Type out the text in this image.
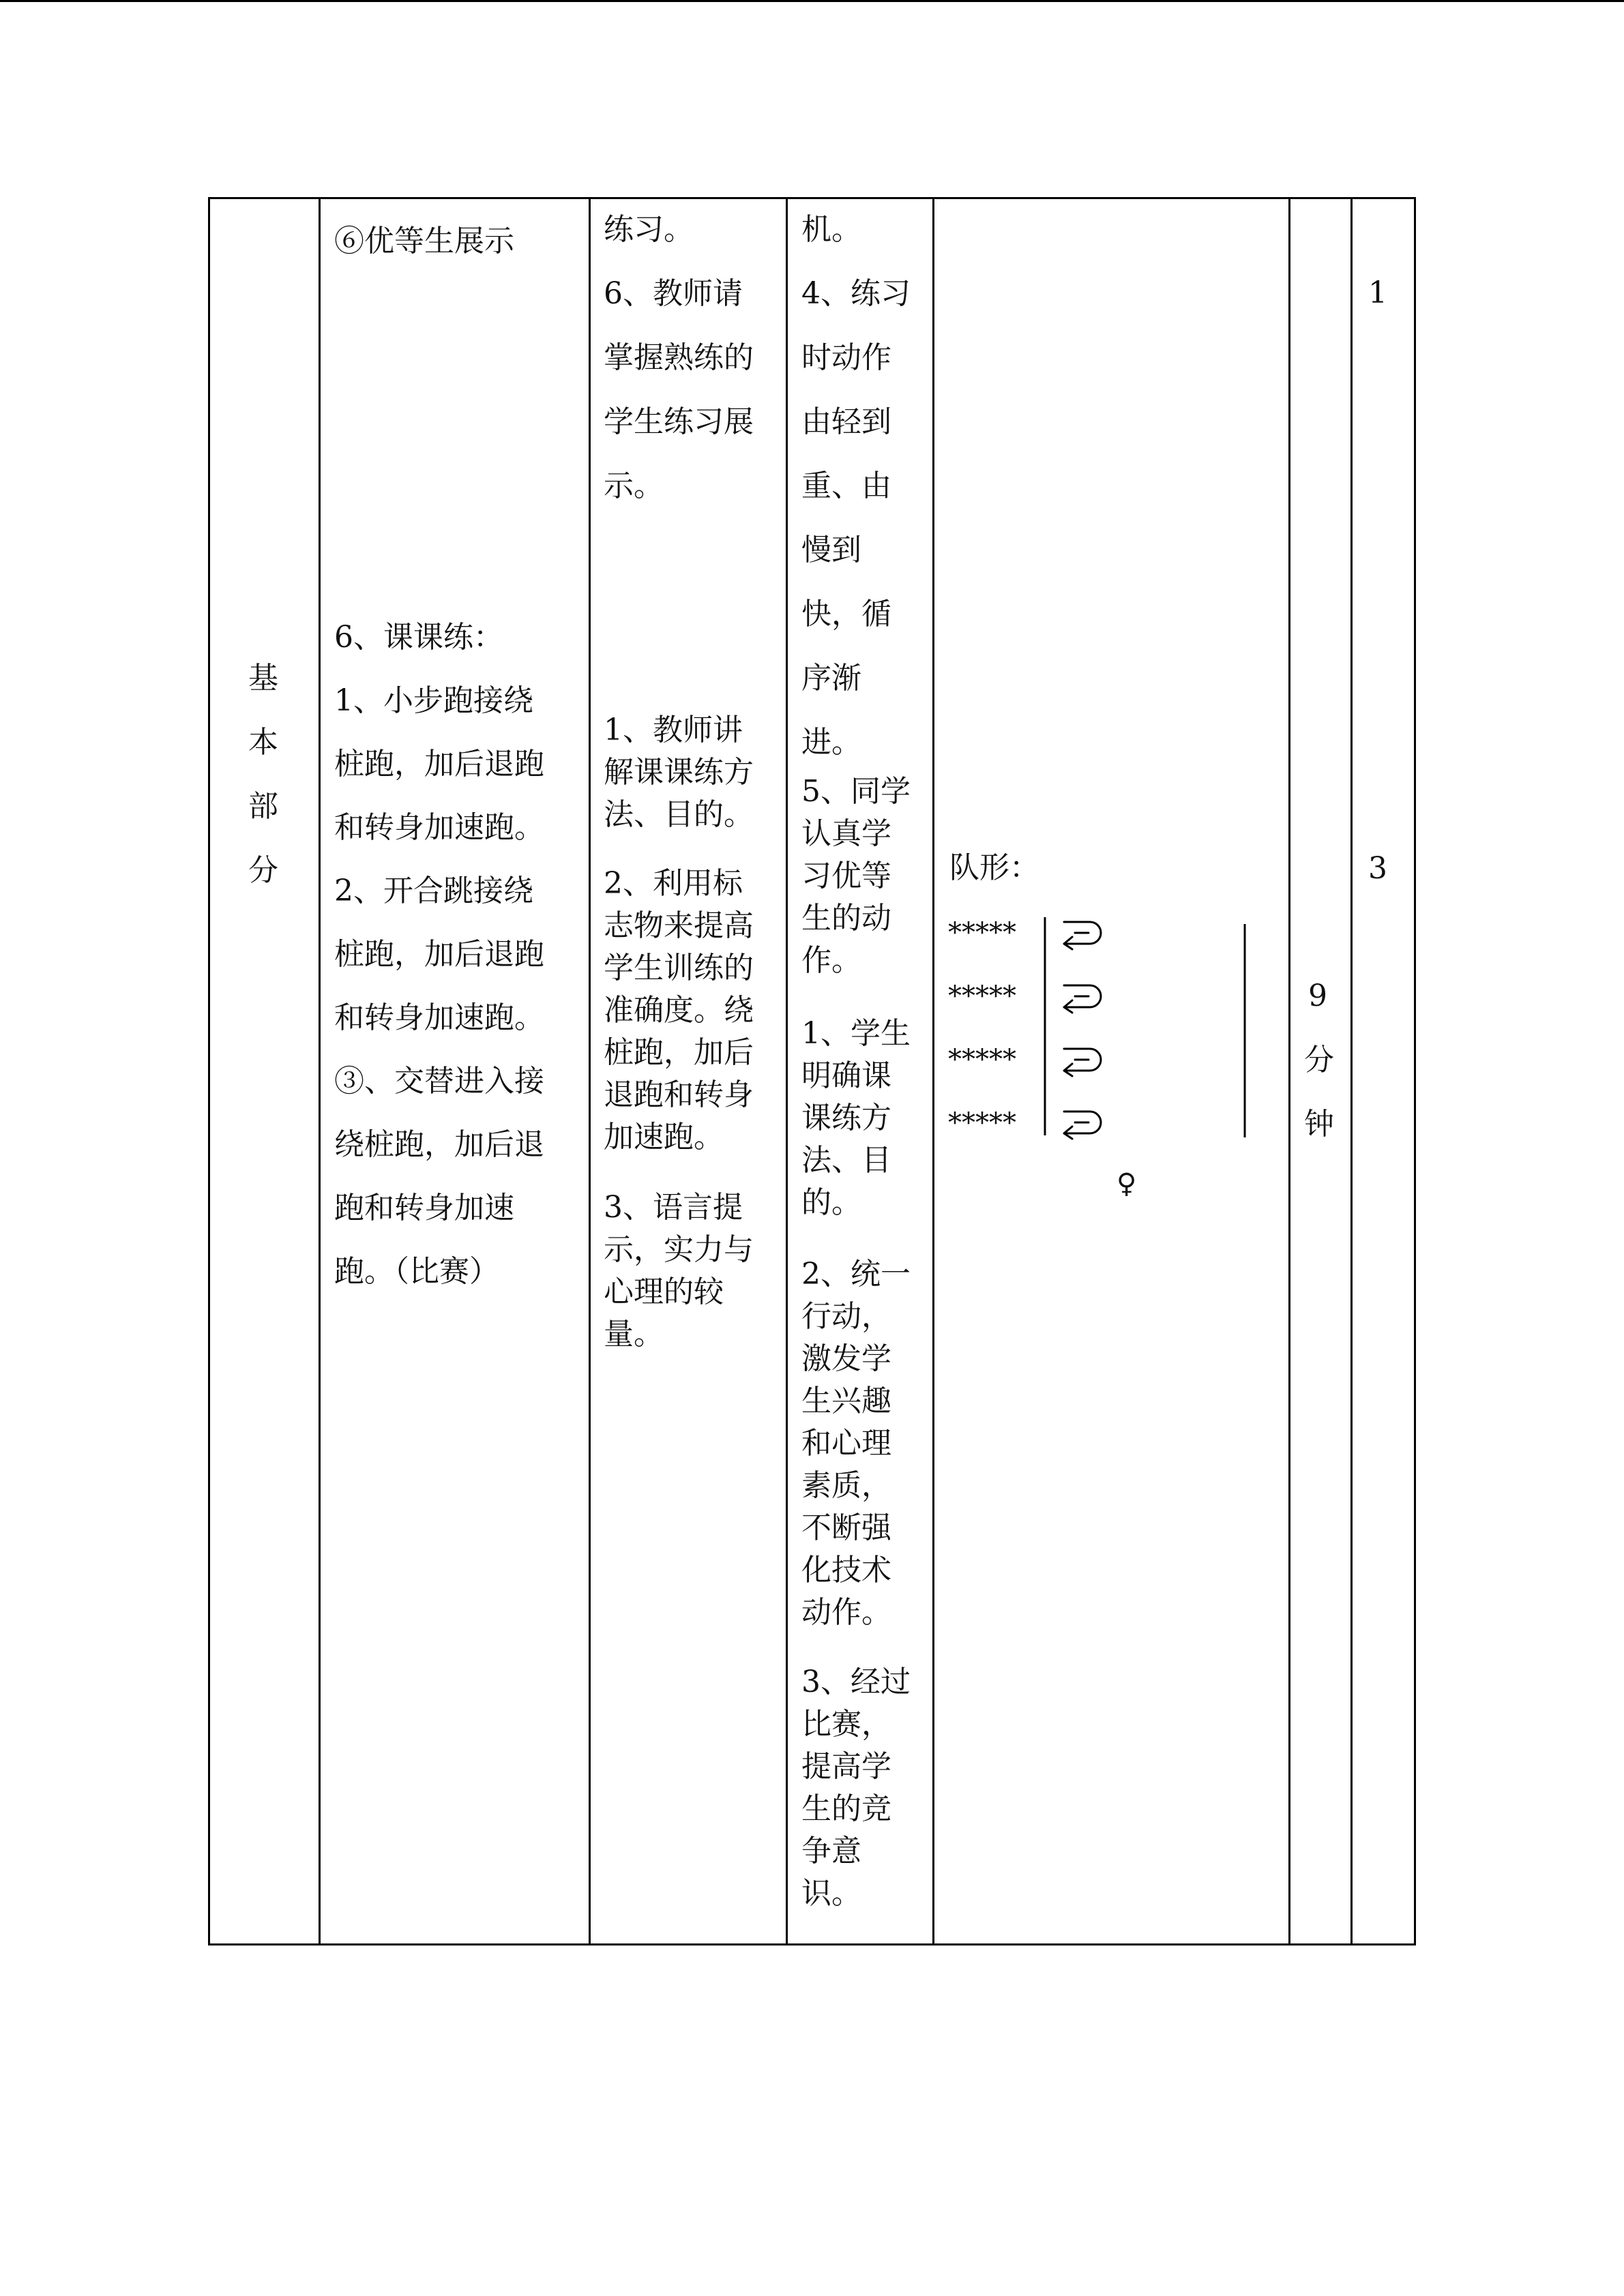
基
本
部
分
⑥优等生展示
6、课课练：
1、小步跑接绕
桩跑，加后退跑
和转身加速跑。
2、开合跳接绕
桩跑，加后退跑
和转身加速跑。
③、交替进入接
绕桩跑，加后退
跑和转身加速
跑。（比赛）
练习。
6、教师请
掌握熟练的
学生练习展
示。
1、教师讲
解课课练方
法、目的。
2、利用标
志物来提高
学生训练的
准确度。绕
桩跑，加后
退跑和转身
加速跑。
3、语言提
示，实力与
心理的较
量。
机。
4、练习
时动作
由轻到
重、由
慢到
快，循
序渐
进。
5、同学
认真学
习优等
生的动
作。
1、学生
明确课
课练方
法、目
的。
2、统一
行动，
激发学
生兴趣
和心理
素质，
不断强
化技术
动作。
3、经过
比赛，
提高学
生的竞
争意
识。
队形：
*****
*****
*****
*****
♀
9
分
钟
1
3
